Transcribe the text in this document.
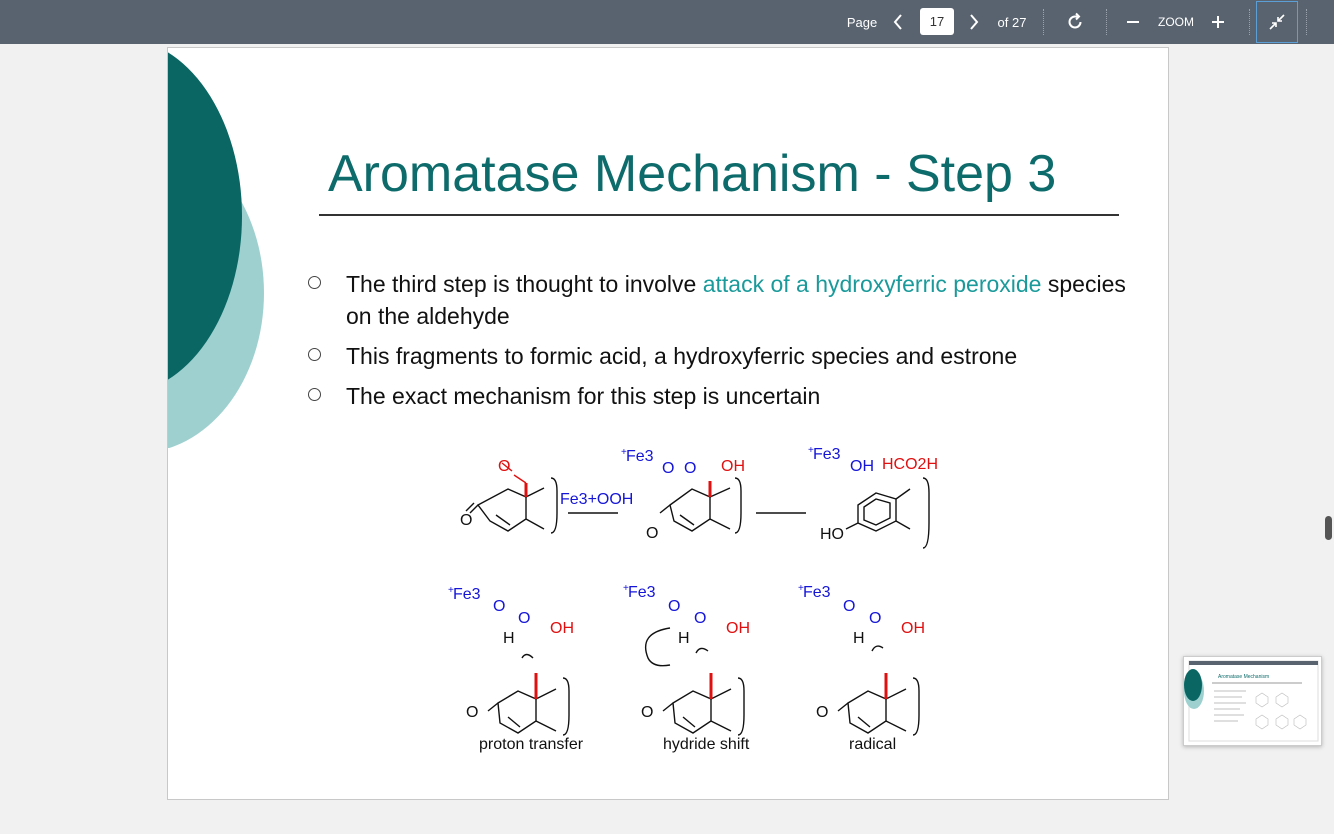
Page	17	of 27	ZOOM
Aromatase Mechanism - Step 3
The third step is thought to involve attack of a hydroxyferric peroxide species on the aldehyde
This fragments to formic acid, a hydroxyferric species and estrone
The exact mechanism for this step is uncertain
O
O
Fe3+OOH
+ Fe3
OH
O O
O
+ Fe3
OH HCO2H
HO
+ Fe3
O
O
H
OH
O
+ Fe3
O
O
H
OH
O
+ Fe3
O
O
H
OH
O
proton transfer	hydride shift	radical
Aromatase Mechanism
